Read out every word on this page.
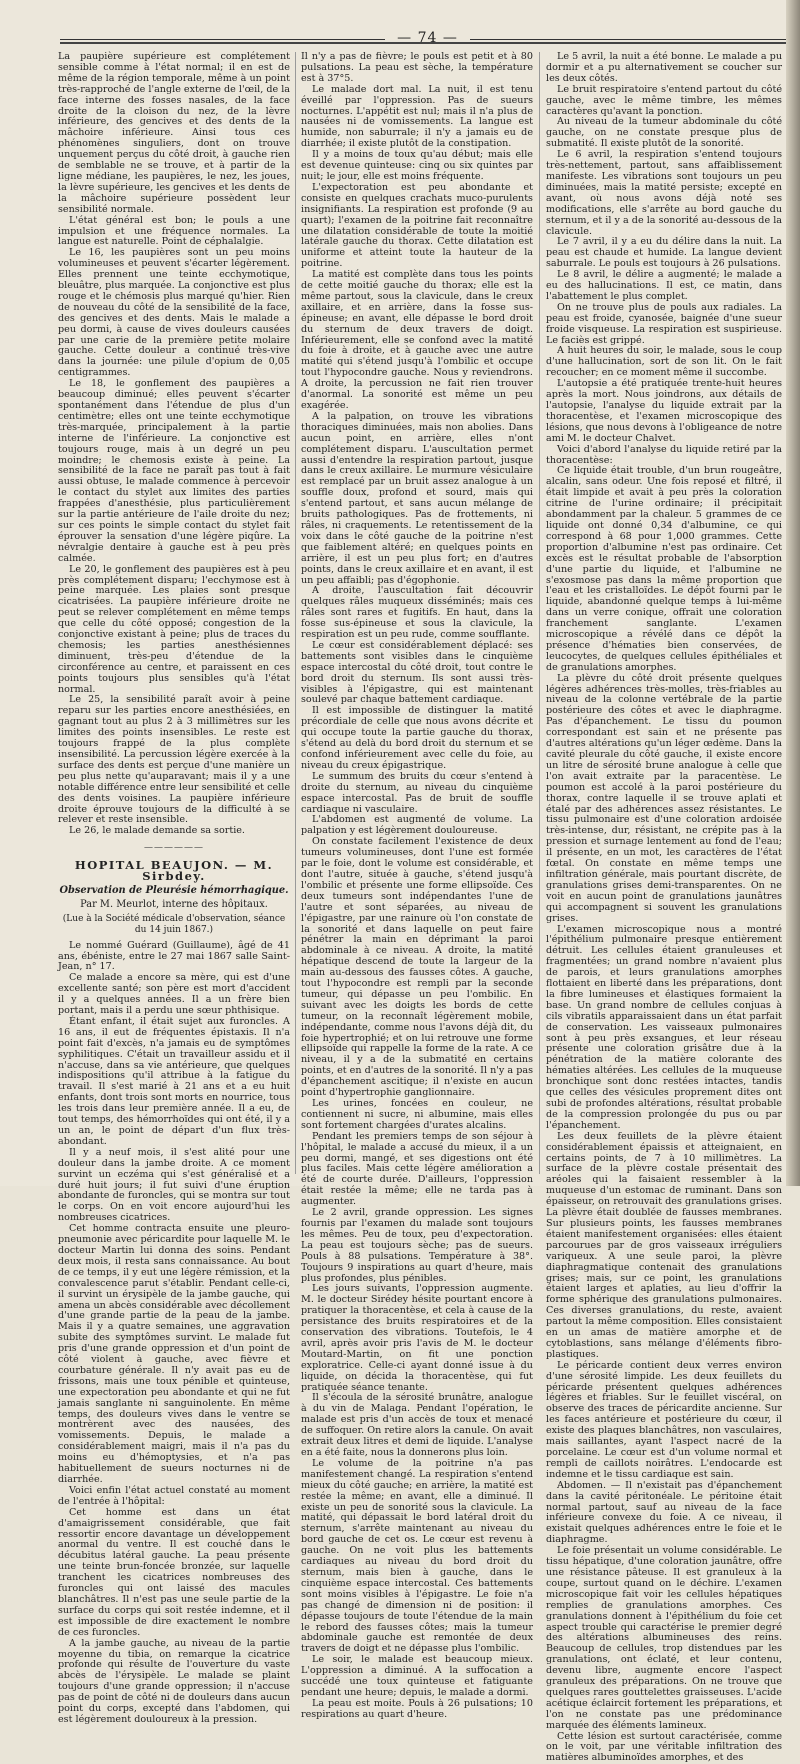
— 74 —

La paupière supérieure est complétement sensible comme à l'état normal; il en est de même de la région temporale, même à un point très-rapproché de l'angle externe de l'œil, de la face interne des fosses nasales, de la face droite de la cloison du nez, de la lèvre inférieure, des gencives et des dents de la mâchoire inférieure. Ainsi tous ces phénomènes singuliers, dont on trouve unquement perçus du côté droit, à gauche rien de semblable ne se trouve, et à partir de la ligne médiane, les paupières, le nez, les joues, la lèvre supérieure, les gencives et les dents de la mâchoire supérieure possèdent leur sensibilité normale.

L'état général est bon; le pouls a une impulsion et une fréquence normales. La langue est naturelle. Point de céphalalgie.

Le 16, les paupières sont un peu moins volumineuses et peuvent s'écarter légèrement. Elles prennent une teinte ecchymotique, bleuâtre, plus marquée. La conjonctive est plus rouge et le chémosis plus marqué qu'hier. Rien de nouveau du côté de la sensibilité de la face, des gencives et des dents. Mais le malade a peu dormi, à cause de vives douleurs causées par une carie de la première petite molaire gauche. Cette douleur a continué très-vive dans la journée: une pilule d'opium de 0,05 centigrammes.

Le 18, le gonflement des paupières a beaucoup diminué; elles peuvent s'écarter spontanément dans l'étendue de plus d'un centimètre; elles ont une teinte ecchymotique très-marquée, principalement à la partie interne de l'inférieure. La conjonctive est toujours rouge, mais à un degré un peu moindre; le chemosis existe à peine. La sensibilité de la face ne paraît pas tout à fait aussi obtuse, le malade commence à percevoir le contact du stylet aux limites des parties frappées d'anesthésie, plus particulièrement sur la partie antérieure de l'aile droite du nez; sur ces points le simple contact du stylet fait éprouver la sensation d'une légère piqûre. La névralgie dentaire à gauche est à peu près calmée.

Le 20, le gonflement des paupières est à peu près complétement disparu; l'ecchymose est à peine marquée. Les plaies sont presque cicatrisées. La paupière inférieure droite ne peut se relever complétement en même temps que celle du côté opposé; congestion de la conjonctive existant à peine; plus de traces du chemosis; les parties anesthésiennes diminuent, très-peu d'étendue de la circonférence au centre, et paraissent en ces points toujours plus sensibles qu'à l'état normal.

Le 25, la sensibilité paraît avoir à peine reparu sur les parties encore anesthésiées, en gagnant tout au plus 2 à 3 millimètres sur les limites des points insensibles. Le reste est toujours frappé de la plus complète insensibilité. La percussion légère exercée à la surface des dents est perçue d'une manière un peu plus nette qu'auparavant; mais il y a une notable différence entre leur sensibilité et celle des dents voisines. La paupière inférieure droite éprouve toujours de la difficulté à se relever et reste insensible.

Le 26, le malade demande sa sortie.

——————
HOPITAL BEAUJON. — M. Sirbdey.
Observation de Pleurésie hémorrhagique.
Par M. Meurlot, interne des hôpitaux.
(Lue à la Société médicale d'observation, séance du 14 juin 1867.)

Le nommé Guérard (Guillaume), âgé de 41 ans, ébéniste, entre le 27 mai 1867 salle Saint-Jean, n° 17.

Ce malade a encore sa mère, qui est d'une excellente santé; son père est mort d'accident il y a quelques années. Il a un frère bien portant, mais il a perdu une sœur phthisique.

Étant enfant, il était sujet aux furoncles. A 16 ans, il eut de fréquentes épistaxis. Il n'a point fait d'excès, n'a jamais eu de symptômes syphilitiques. C'était un travailleur assidu et il n'accuse, dans sa vie antérieure, que quelques indispositions qu'il attribue à la fatigue du travail. Il s'est marié à 21 ans et a eu huit enfants, dont trois sont morts en nourrice, tous les trois dans leur première année. Il a eu, de tout temps, des hémorrhoïdes qui ont été, il y a un an, le point de départ d'un flux très-abondant.

Il y a neuf mois, il s'est alité pour une douleur dans la jambe droite. A ce moment survint un eczéma qui s'est généralisé et a duré huit jours; il fut suivi d'une éruption abondante de furoncles, qui se montra sur tout le corps. On en voit encore aujourd'hui les nombreuses cicatrices.

Cet homme contracta ensuite une pleuro-pneumonie avec péricardite pour laquelle M. le docteur Martin lui donna des soins. Pendant deux mois, il resta sans connaissance. Au bout de ce temps, il y eut une légère rémission, et la convalescence parut s'établir. Pendant celle-ci, il survint un érysipèle de la jambe gauche, qui amena un abcès considérable avec décollement d'une grande partie de la peau de la jambe. Mais il y a quatre semaines, une aggravation subite des symptômes survint. Le malade fut pris d'une grande oppression et d'un point de côté violent à gauche, avec fièvre et courbature générale. Il n'y avait pas eu de frissons, mais une toux pénible et quinteuse, une expectoration peu abondante et qui ne fut jamais sanglante ni sanguinolente. En même temps, des douleurs vives dans le ventre se montrèrent avec des nausées, des vomissements. Depuis, le malade a considérablement maigri, mais il n'a pas du moins eu d'hémoptysies, et n'a pas habituellement de sueurs nocturnes ni de diarrhée.

Voici enfin l'état actuel constaté au moment de l'entrée à l'hôpital:

Cet homme est dans un état d'amaigrissement considérable, que fait ressortir encore davantage un développement anormal du ventre. Il est couché dans le décubitus latéral gauche. La peau présente une teinte brun-foncée bronzée, sur laquelle tranchent les cicatrices nombreuses des furoncles qui ont laissé des macules blanchâtres. Il n'est pas une seule partie de la surface du corps qui soit restée indemne, et il est impossible de dire exactement le nombre de ces furoncles.

A la jambe gauche, au niveau de la partie moyenne du tibia, on remarque la cicatrice profonde qui résulte de l'ouverture du vaste abcès de l'érysipèle. Le malade se plaint toujours d'une grande oppression; il n'accuse pas de point de côté ni de douleurs dans aucun point du corps, excepté dans l'abdomen, qui est légèrement douloureux à la pression.

Il n'y a pas de fièvre; le pouls est petit et à 80 pulsations. La peau est sèche, la température est à 37°5.

Le malade dort mal. La nuit, il est tenu éveillé par l'oppression. Pas de sueurs nocturnes. L'appétit est nul; mais il n'a plus de nausées ni de vomissements. La langue est humide, non saburrale; il n'y a jamais eu de diarrhée; il existe plutôt de la constipation.

Il y a moins de toux qu'au début; mais elle est devenue quinteuse: cinq ou six quintes par nuit; le jour, elle est moins fréquente.

L'expectoration est peu abondante et consiste en quelques crachats muco-purulents insignifiants. La respiration est profonde (9 au quart); l'examen de la poitrine fait reconnaître une dilatation considérable de toute la moitié latérale gauche du thorax. Cette dilatation est uniforme et atteint toute la hauteur de la poitrine.

La matité est complète dans tous les points de cette moitié gauche du thorax; elle est la même partout, sous la clavicule, dans le creux axillaire, et en arrière, dans la fosse sus-épineuse; en avant, elle dépasse le bord droit du sternum de deux travers de doigt. Inférieurement, elle se confond avec la matité du foie à droite, et à gauche avec une autre matité qui s'étend jusqu'à l'ombilic et occupe tout l'hypocondre gauche. Nous y reviendrons. A droite, la percussion ne fait rien trouver d'anormal. La sonorité est même un peu exagérée.

A la palpation, on trouve les vibrations thoraciques diminuées, mais non abolies. Dans aucun point, en arrière, elles n'ont complétement disparu. L'auscultation permet aussi d'entendre la respiration partout, jusque dans le creux axillaire. Le murmure vésiculaire est remplacé par un bruit assez analogue à un souffle doux, profond et sourd, mais qui s'entend partout, et sans aucun mélange de bruits pathologiques. Pas de frottements, ni râles, ni craquements. Le retentissement de la voix dans le côté gauche de la poitrine n'est que faiblement altéré; en quelques points en arrière, il est un peu plus fort; en d'autres points, dans le creux axillaire et en avant, il est un peu affaibli; pas d'égophonie.

A droite, l'auscultation fait découvrir quelques râles muqueux disséminés; mais ces râles sont rares et fugitifs. En haut, dans la fosse sus-épineuse et sous la clavicule, la respiration est un peu rude, comme soufflante.

Le cœur est considérablement déplacé: ses battements sont visibles dans le cinquième espace intercostal du côté droit, tout contre le bord droit du sternum. Ils sont aussi très-visibles à l'épigastre, qui est maintenant soulevé par chaque battement cardiaque.

Il est impossible de distinguer la matité précordiale de celle que nous avons décrite et qui occupe toute la partie gauche du thorax, s'étend au delà du bord droit du sternum et se confond inférieurement avec celle du foie, au niveau du creux épigastrique.

Le summum des bruits du cœur s'entend à droite du sternum, au niveau du cinquième espace intercostal. Pas de bruit de souffle cardiaque ni vasculaire.

L'abdomen est augmenté de volume. La palpation y est légèrement douloureuse.

On constate facilement l'existence de deux tumeurs volumineuses, dont l'une est formée par le foie, dont le volume est considérable, et dont l'autre, située à gauche, s'étend jusqu'à l'ombilic et présente une forme ellipsoïde. Ces deux tumeurs sont indépendantes l'une de l'autre et sont séparées, au niveau de l'épigastre, par une rainure où l'on constate de la sonorité et dans laquelle on peut faire pénétrer la main en déprimant la paroi abdominale à ce niveau. A droite, la matité hépatique descend de toute la largeur de la main au-dessous des fausses côtes. A gauche, tout l'hypocondre est rempli par la seconde tumeur, qui dépasse un peu l'ombilic. En suivant avec les doigts les bords de cette tumeur, on la reconnaît légèrement mobile, indépendante, comme nous l'avons déjà dit, du foie hypertrophié; et on lui retrouve une forme ellipsoïde qui rappelle la forme de la rate. A ce niveau, il y a de la submatité en certains points, et en d'autres de la sonorité. Il n'y a pas d'épanchement ascitique; il n'existe en aucun point d'hypertrophie ganglionnaire.

Les urines, foncées en couleur, ne contiennent ni sucre, ni albumine, mais elles sont fortement chargées d'urates alcalins.

Pendant les premiers temps de son séjour à l'hôpital, le malade a accusé du mieux, il a un peu dormi, mangé, et ses digestions ont été plus faciles. Mais cette légère amélioration a été de courte durée. D'ailleurs, l'oppression était restée la même; elle ne tarda pas à augmenter.

Le 2 avril, grande oppression. Les signes fournis par l'examen du malade sont toujours les mêmes. Peu de toux, peu d'expectoration. La peau est toujours sèche; pas de sueurs. Pouls à 88 pulsations. Température à 38°. Toujours 9 inspirations au quart d'heure, mais plus profondes, plus pénibles.

Les jours suivants, l'oppression augmente. M. le docteur Sirédey hésite pourtant encore à pratiquer la thoracentèse, et cela à cause de la persistance des bruits respiratoires et de la conservation des vibrations. Toutefois, le 4 avril, après avoir pris l'avis de M. le docteur Moutard-Martin, on fit une ponction exploratrice. Celle-ci ayant donné issue à du liquide, on décida la thoracentèse, qui fut pratiquée séance tenante.

Il s'écoula de la sérosité brunâtre, analogue à du vin de Malaga. Pendant l'opération, le malade est pris d'un accès de toux et menacé de suffoquer. On retire alors la canule. On avait extrait deux litres et demi de liquide. L'analyse en a été faite, nous la donnerons plus loin.

Le volume de la poitrine n'a pas manifestement changé. La respiration s'entend mieux du côté gauche; en arrière, la matité est restée la même; en avant, elle a diminué. Il existe un peu de sonorité sous la clavicule. La matité, qui dépassait le bord latéral droit du sternum, s'arrête maintenant au niveau du bord gauche de cet os. Le cœur est revenu à gauche. On ne voit plus les battements cardiaques au niveau du bord droit du sternum, mais bien à gauche, dans le cinquième espace intercostal. Ces battements sont moins visibles à l'épigastre. Le foie n'a pas changé de dimension ni de position: il dépasse toujours de toute l'étendue de la main le rebord des fausses côtes; mais la tumeur abdominale gauche est remontée de deux travers de doigt et ne dépasse plus l'ombilic.

Le soir, le malade est beaucoup mieux. L'oppression a diminué. A la suffocation a succédé une toux quinteuse et fatiguante pendant une heure; depuis, le malade a dormi.

La peau est moite. Pouls à 26 pulsations; 10 respirations au quart d'heure.

Le 5 avril, la nuit a été bonne. Le malade a pu dormir et a pu alternativement se coucher sur les deux côtés.

Le bruit respiratoire s'entend partout du côté gauche, avec le même timbre, les mêmes caractères qu'avant la ponction.

Au niveau de la tumeur abdominale du côté gauche, on ne constate presque plus de submatité. Il existe plutôt de la sonorité.

Le 6 avril, la respiration s'entend toujours très-nettement, partout, sans affaiblissement manifeste. Les vibrations sont toujours un peu diminuées, mais la matité persiste; excepté en avant, où nous avons déjà noté ses modifications, elle s'arrête au bord gauche du sternum, et il y a de la sonorité au-dessous de la clavicule.

Le 7 avril, il y a eu du délire dans la nuit. La peau est chaude et humide. La langue devient saburrale. Le pouls est toujours à 26 pulsations.

Le 8 avril, le délire a augmenté; le malade a eu des hallucinations. Il est, ce matin, dans l'abattement le plus complet.

On ne trouve plus de pouls aux radiales. La peau est froide, cyanosée, baignée d'une sueur froide visqueuse. La respiration est suspirieuse. Le faciès est grippé.

A huit heures du soir, le malade, sous le coup d'une hallucination, sort de son lit. On le fait recoucher; en ce moment même il succombe.

L'autopsie a été pratiquée trente-huit heures après la mort. Nous joindrons, aux détails de l'autopsie, l'analyse du liquide extrait par la thoracentèse, et l'examen microscopique des lésions, que nous devons à l'obligeance de notre ami M. le docteur Chalvet.

Voici d'abord l'analyse du liquide retiré par la thoracentèse:

Ce liquide était trouble, d'un brun rougeâtre, alcalin, sans odeur. Une fois reposé et filtré, il était limpide et avait à peu près la coloration citrine de l'urine ordinaire; il précipitait abondamment par la chaleur. 5 grammes de ce liquide ont donné 0,34 d'albumine, ce qui correspond à 68 pour 1,000 grammes. Cette proportion d'albumine n'est pas ordinaire. Cet excès est le résultat probable de l'absorption d'une partie du liquide, et l'albumine ne s'exosmose pas dans la même proportion que l'eau et les cristalloïdes. Le dépôt fourni par le liquide, abandonné quelque temps à lui-même dans un verre conique, offrait une coloration franchement sanglante. L'examen microscopique a révélé dans ce dépôt la présence d'hématies bien conservées, de leucocytes, de quelques cellules épithéliales et de granulations amorphes.

La plèvre du côté droit présente quelques légères adhérences très-molles, très-friables au niveau de la colonne vertébrale de la partie postérieure des côtes et avec le diaphragme. Pas d'épanchement. Le tissu du poumon correspondant est sain et ne présente pas d'autres altérations qu'un léger œdème. Dans la cavité pleurale du côté gauche, il existe encore un litre de sérosité brune analogue à celle que l'on avait extraite par la paracentèse. Le poumon est accolé à la paroi postérieure du thorax, contre laquelle il se trouve aplati et étalé par des adhérences assez résistantes. Le tissu pulmonaire est d'une coloration ardoisée très-intense, dur, résistant, ne crépite pas à la pression et surnage lentement au fond de l'eau; il présente, en un mot, les caractères de l'état fœtal. On constate en même temps une infiltration générale, mais pourtant discrète, de granulations grises demi-transparentes. On ne voit en aucun point de granulations jaunâtres qui accompagnent si souvent les granulations grises.

L'examen microscopique nous a montré l'épithélium pulmonaire presque entièrement détruit. Les cellules étaient granuleuses et fragmentées; un grand nombre n'avaient plus de parois, et leurs granulations amorphes flottaient en liberté dans les préparations, dont la fibre lumineuses et élastiques formaient la base. Un grand nombre de cellules conjuas à cils vibratils apparaissaient dans un état parfait de conservation. Les vaisseaux pulmonaires sont à peu près exsangues, et leur réseau présente une coloration grisâtre due à la pénétration de la matière colorante des hématies altérées. Les cellules de la muqueuse bronchique sont donc restées intactes, tandis que celles des vésicules proprement dites ont subi de profondes altérations, résultat probable de la compression prolongée du pus ou par l'épanchement.

Les deux feuillets de la plèvre étaient considérablement épaissis et atteignaient, en certains points, de 7 à 10 millimètres. La surface de la plèvre costale présentait des aréoles qui la faisaient ressembler à la muqueuse d'un estomac de ruminant. Dans son épaisseur, on retrouvait des granulations grises. La plèvre était doublée de fausses membranes. Sur plusieurs points, les fausses membranes étaient manifestement organisées: elles étaient parcourues par de gros vaisseaux irréguliers variqueux. A une seule paroi, la plèvre diaphragmatique contenait des granulations grises; mais, sur ce point, les granulations étaient larges et aplaties, au lieu d'offrir la forme sphérique des granulations pulmonaires. Ces diverses granulations, du reste, avaient partout la même composition. Elles consistaient en un amas de matière amorphe et de cytoblastions, sans mélange d'éléments fibro-plastiques.

Le péricarde contient deux verres environ d'une sérosité limpide. Les deux feuillets du péricarde présentent quelques adhérences légères et friables. Sur le feuillet viscéral, on observe des traces de péricardite ancienne. Sur les faces antérieure et postérieure du cœur, il existe des plaques blanchâtres, non vasculaires, mais saillantes, ayant l'aspect nacré de la porcelaine. Le cœur est d'un volume normal et rempli de caillots noirâtres. L'endocarde est indemne et le tissu cardiaque est sain.

Abdomen. — Il n'existait pas d'épanchement dans la cavité péritonéale. Le péritoine était normal partout, sauf au niveau de la face inférieure convexe du foie. A ce niveau, il existait quelques adhérences entre le foie et le diaphragme.

Le foie présentait un volume considérable. Le tissu hépatique, d'une coloration jaunâtre, offre une résistance pâteuse. Il est granuleux à la coupe, surtout quand on le déchire. L'examen microscopique fait voir les cellules hépatiques remplies de granulations amorphes. Ces granulations donnent à l'épithélium du foie cet aspect trouble qui caractérise le premier degré des altérations albumineuses des reins. Beaucoup de cellules, trop distendues par les granulations, ont éclaté, et leur contenu, devenu libre, augmente encore l'aspect granuleux des préparations. On ne trouve que quelques rares gouttelettes graisseuses. L'acide acétique éclaircit fortement les préparations, et l'on ne constate pas une prédominance marquée des éléments lamineux.

Cette lésion est surtout caractérisée, comme on le voit, par une véritable infiltration des matières albuminoïdes amorphes, et des
